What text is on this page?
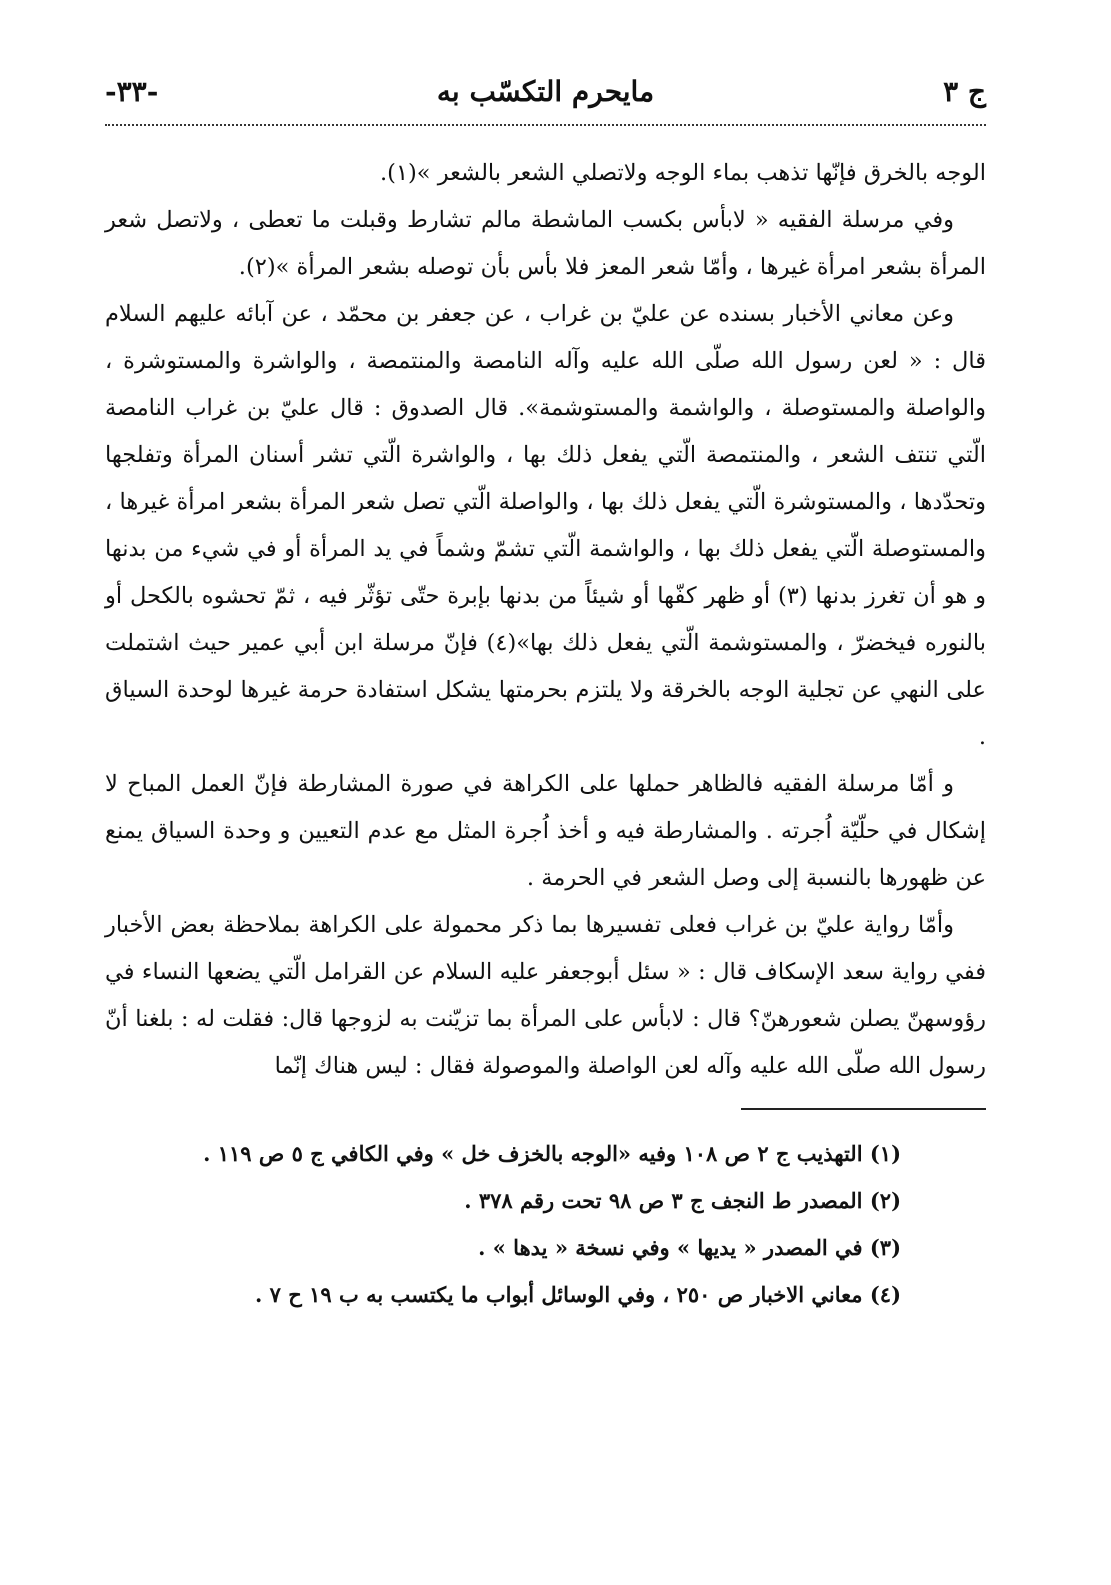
ج ٣
مايحرم التكسّب به
-٣٣-

الوجه بالخرق فإنّها تذهب بماء الوجه ولاتصلي الشعر بالشعر »(١).

وفي مرسلة الفقيه « لابأس بكسب الماشطة مالم تشارط وقبلت ما تعطى ، ولاتصل شعر المرأة بشعر امرأة غيرها ، وأمّا شعر المعز فلا بأس بأن توصله بشعر المرأة »(٢).

وعن معاني الأخبار بسنده عن عليّ بن غراب ، عن جعفر بن محمّد ، عن آبائه عليهم السلام قال : « لعن رسول الله صلّى الله عليه وآله النامصة والمنتمصة ، والواشرة والمستوشرة ، والواصلة والمستوصلة ، والواشمة والمستوشمة». قال الصدوق : قال عليّ بن غراب النامصة الّتي تنتف الشعر ، والمنتمصة الّتي يفعل ذلك بها ، والواشرة الّتي تشر أسنان المرأة وتفلجها وتحدّدها ، والمستوشرة الّتي يفعل ذلك بها ، والواصلة الّتي تصل شعر المرأة بشعر امرأة غيرها ، والمستوصلة الّتي يفعل ذلك بها ، والواشمة الّتي تشمّ وشماً في يد المرأة أو في شيء من بدنها و هو أن تغرز بدنها (٣) أو ظهر كفّها أو شيئاً من بدنها بإبرة حتّى تؤثّر فيه ، ثمّ تحشوه بالكحل أو بالنوره فيخضرّ ، والمستوشمة الّتي يفعل ذلك بها»(٤) فإنّ مرسلة ابن أبي عمير حيث اشتملت على النهي عن تجلية الوجه بالخرقة ولا يلتزم بحرمتها يشكل استفادة حرمة غيرها لوحدة السياق .

و أمّا مرسلة الفقيه فالظاهر حملها على الكراهة في صورة المشارطة فإنّ العمل المباح لا إشكال في حلّيّة اُجرته . والمشارطة فيه و أخذ اُجرة المثل مع عدم التعيين و وحدة السياق يمنع عن ظهورها بالنسبة إلى وصل الشعر في الحرمة .

وأمّا رواية عليّ بن غراب فعلى تفسيرها بما ذكر محمولة على الكراهة بملاحظة بعض الأخبار ففي رواية سعد الإسكاف قال : « سئل أبوجعفر عليه السلام عن القرامل الّتي يضعها النساء في رؤوسهنّ يصلن شعورهنّ؟ قال : لابأس على المرأة بما تزيّنت به لزوجها قال: فقلت له : بلغنا أنّ رسول الله صلّى الله عليه وآله لعن الواصلة والموصولة فقال : ليس هناك إنّما

(١) التهذيب ج ٢ ص ١٠٨ وفيه «الوجه بالخزف خل » وفي الكافي ج ٥ ص ١١٩ .
(٢) المصدر ط النجف ج ٣ ص ٩٨ تحت رقم ٣٧٨ .
(٣) في المصدر « يديها » وفي نسخة « يدها » .
(٤) معاني الاخبار ص ٢٥٠ ، وفي الوسائل أبواب ما يكتسب به ب ١٩ ح ٧ .
